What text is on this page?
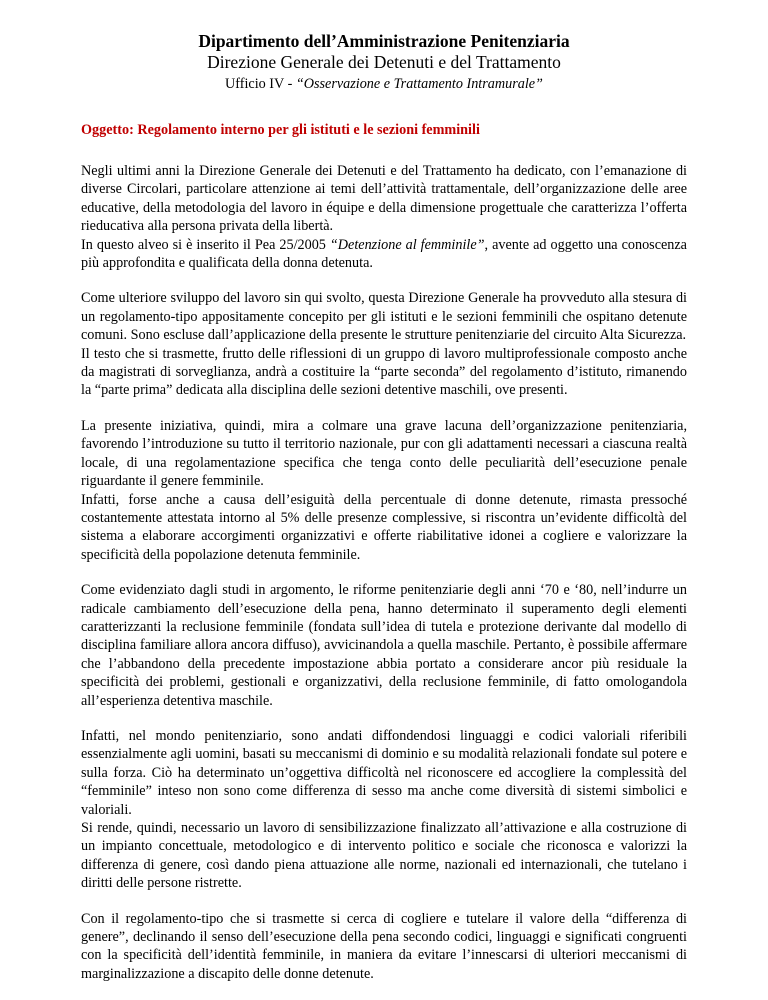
Dipartimento dell’Amministrazione Penitenziaria
Direzione Generale dei Detenuti e del Trattamento
Ufficio IV - “Osservazione e Trattamento Intramurale”
Oggetto: Regolamento interno per gli istituti e le sezioni femminili

Negli ultimi anni la Direzione Generale dei Detenuti e del Trattamento ha dedicato, con l’emanazione di diverse Circolari, particolare attenzione ai temi dell’attività trattamentale, dell’organizzazione delle aree educative, della metodologia del lavoro in équipe e della dimensione progettuale che caratterizza l’offerta rieducativa alla persona privata della libertà.
In questo alveo si è inserito il Pea 25/2005 “Detenzione al femminile”, avente ad oggetto una conoscenza più approfondita e qualificata della donna detenuta.

Come ulteriore sviluppo del lavoro sin qui svolto, questa Direzione Generale ha provveduto alla stesura di un regolamento-tipo appositamente concepito per gli istituti e le sezioni femminili che ospitano detenute comuni. Sono escluse dall’applicazione della presente le strutture penitenziarie del circuito Alta Sicurezza.
Il testo che si trasmette, frutto delle riflessioni di un gruppo di lavoro multiprofessionale composto anche da magistrati di sorveglianza, andrà a costituire la “parte seconda” del regolamento d’istituto, rimanendo la “parte prima” dedicata alla disciplina delle sezioni detentive maschili, ove presenti.

La presente iniziativa, quindi, mira a colmare una grave lacuna dell’organizzazione penitenziaria, favorendo l’introduzione su tutto il territorio nazionale, pur con gli adattamenti necessari a ciascuna realtà locale, di una regolamentazione specifica che tenga conto delle peculiarità dell’esecuzione penale riguardante il genere femminile.
Infatti, forse anche a causa dell’esiguità della percentuale di donne detenute, rimasta pressoché costantemente attestata intorno al 5% delle presenze complessive, si riscontra un’evidente difficoltà del sistema a elaborare accorgimenti organizzativi e offerte riabilitative idonei a cogliere e valorizzare la specificità della popolazione detenuta femminile.

Come evidenziato dagli studi in argomento, le riforme penitenziarie degli anni ‘70 e ‘80, nell’indurre un radicale cambiamento dell’esecuzione della pena, hanno determinato il superamento degli elementi caratterizzanti la reclusione femminile (fondata sull’idea di tutela e protezione derivante dal modello di disciplina familiare allora ancora diffuso), avvicinandola a quella maschile. Pertanto, è possibile affermare che l’abbandono della precedente impostazione abbia portato a considerare ancor più residuale la specificità dei problemi, gestionali e organizzativi, della reclusione femminile, di fatto omologandola all’esperienza detentiva maschile.

Infatti, nel mondo penitenziario, sono andati diffondendosi linguaggi e codici valoriali riferibili essenzialmente agli uomini, basati su meccanismi di dominio e su modalità relazionali fondate sul potere e sulla forza. Ciò ha determinato un’oggettiva difficoltà nel riconoscere ed accogliere la complessità del “femminile” inteso non sono come differenza di sesso ma anche come diversità di sistemi simbolici e valoriali.
Si rende, quindi, necessario un lavoro di sensibilizzazione finalizzato all’attivazione e alla costruzione di un impianto concettuale, metodologico e di intervento politico e sociale che riconosca e valorizzi la differenza di genere, così dando piena attuazione alle norme, nazionali ed internazionali, che tutelano i diritti delle persone ristrette.

Con il regolamento-tipo che si trasmette si cerca di cogliere e tutelare il valore della “differenza di genere”, declinando il senso dell’esecuzione della pena secondo codici, linguaggi e significati congruenti con la specificità dell’identità femminile, in maniera da evitare l’innescarsi di ulteriori meccanismi di marginalizzazione a discapito delle donne detenute.
